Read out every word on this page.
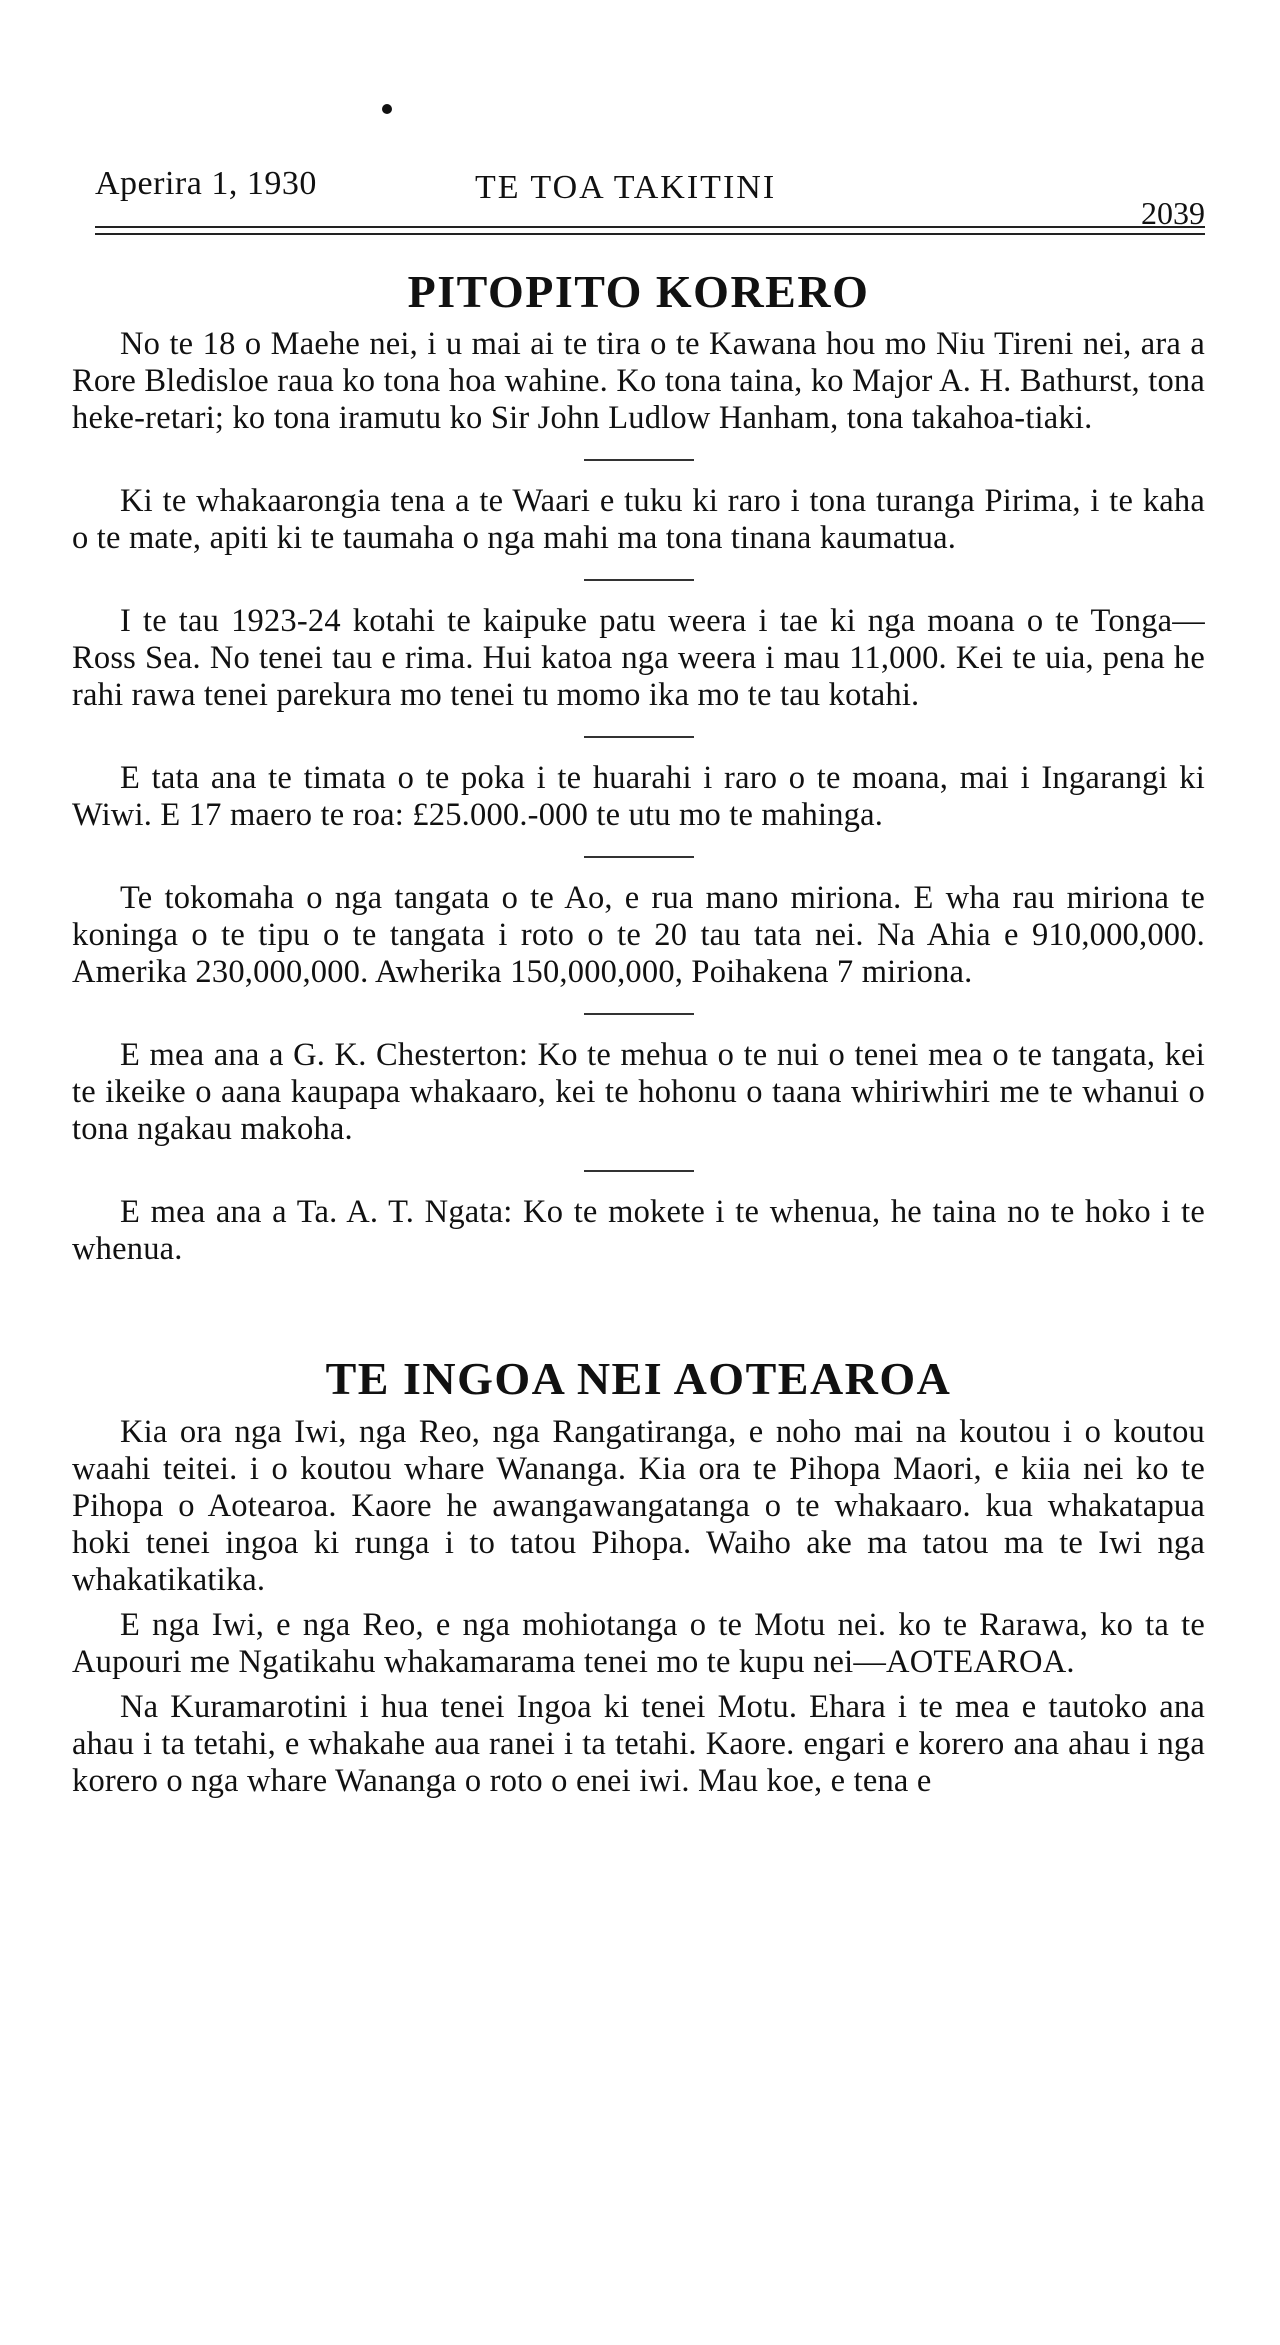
Aperira 1, 1930	TE TOA TAKITINI
2039
PITOPITO KORERO

No te 18 o Maehe nei, i u mai ai te tira o te Kawana hou mo Niu Tireni nei, ara a Rore Bledisloe raua ko tona hoa wahine. Ko tona taina, ko Major A. H. Bathurst, tona heke-retari; ko tona iramutu ko Sir John Ludlow Hanham, tona takahoa-tiaki.

Ki te whakaarongia tena a te Waari e tuku ki raro i tona turanga Pirima, i te kaha o te mate, apiti ki te taumaha o nga mahi ma tona tinana kaumatua.

I te tau 1923-24 kotahi te kaipuke patu weera i tae ki nga moana o te Tonga—Ross Sea. No tenei tau e rima. Hui katoa nga weera i mau 11,000. Kei te uia, pena he rahi rawa tenei parekura mo tenei tu momo ika mo te tau kotahi.

E tata ana te timata o te poka i te huarahi i raro o te moana, mai i Ingarangi ki Wiwi. E 17 maero te roa: £25.000.-000 te utu mo te mahinga.

Te tokomaha o nga tangata o te Ao, e rua mano miriona. E wha rau miriona te koninga o te tipu o te tangata i roto o te 20 tau tata nei. Na Ahia e 910,000,000. Amerika 230,000,000. Awherika 150,000,000, Poihakena 7 miriona.

E mea ana a G. K. Chesterton: Ko te mehua o te nui o tenei mea o te tangata, kei te ikeike o aana kaupapa whakaaro, kei te hohonu o taana whiriwhiri me te whanui o tona ngakau makoha.

E mea ana a Ta. A. T. Ngata: Ko te mokete i te whenua, he taina no te hoko i te whenua.

TE INGOA NEI AOTEAROA

Kia ora nga Iwi, nga Reo, nga Rangatiranga, e noho mai na koutou i o koutou waahi teitei. i o koutou whare Wananga. Kia ora te Pihopa Maori, e kiia nei ko te Pihopa o Aotearoa. Kaore he awangawangatanga o te whakaaro. kua whakatapua hoki tenei ingoa ki runga i to tatou Pihopa. Waiho ake ma tatou ma te Iwi nga whakatikatika.

E nga Iwi, e nga Reo, e nga mohiotanga o te Motu nei. ko te Rarawa, ko ta te Aupouri me Ngatikahu whakamarama tenei mo te kupu nei—AOTEAROA.

Na Kuramarotini i hua tenei Ingoa ki tenei Motu. Ehara i te mea e tautoko ana ahau i ta tetahi, e whakahe aua ranei i ta tetahi. Kaore. engari e korero ana ahau i nga korero o nga whare Wananga o roto o enei iwi. Mau koe, e tena e
